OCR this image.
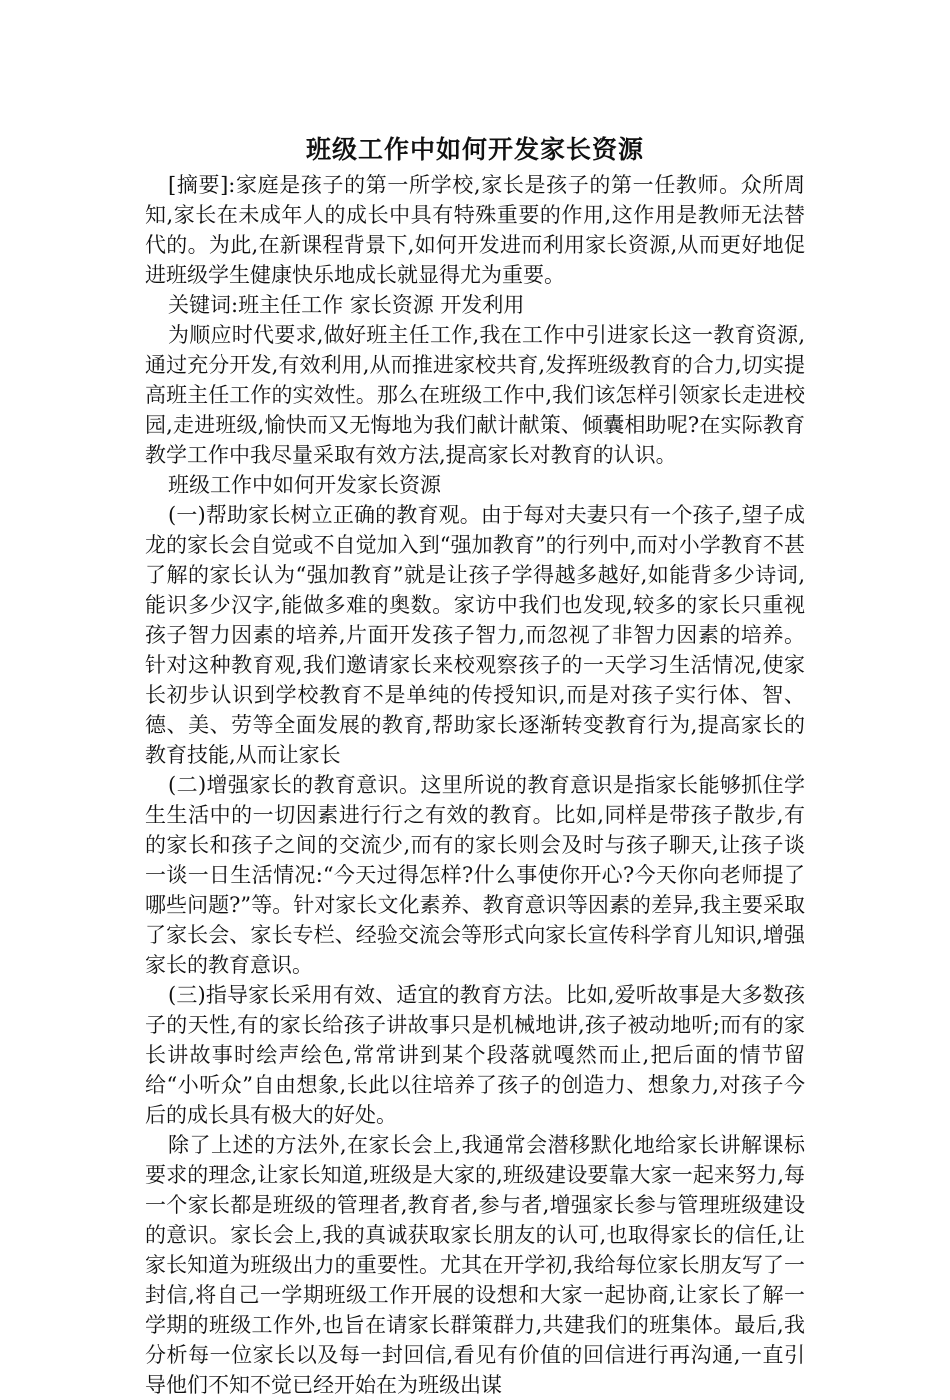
班级工作中如何开发家长资源

[摘要]:家庭是孩子的第一所学校,家长是孩子的第一任教师。众所周知,家长在未成年人的成长中具有特殊重要的作用,这作用是教师无法替代的。为此,在新课程背景下,如何开发进而利用家长资源,从而更好地促进班级学生健康快乐地成长就显得尤为重要。

关键词:班主任工作 家长资源 开发利用

为顺应时代要求,做好班主任工作,我在工作中引进家长这一教育资源,通过充分开发,有效利用,从而推进家校共育,发挥班级教育的合力,切实提高班主任工作的实效性。那么在班级工作中,我们该怎样引领家长走进校园,走进班级,愉快而又无悔地为我们献计献策、倾囊相助呢?在实际教育教学工作中我尽量采取有效方法,提高家长对教育的认识。

班级工作中如何开发家长资源

(一)帮助家长树立正确的教育观。由于每对夫妻只有一个孩子,望子成龙的家长会自觉或不自觉加入到“强加教育”的行列中,而对小学教育不甚了解的家长认为“强加教育”就是让孩子学得越多越好,如能背多少诗词,能识多少汉字,能做多难的奥数。家访中我们也发现,较多的家长只重视孩子智力因素的培养,片面开发孩子智力,而忽视了非智力因素的培养。针对这种教育观,我们邀请家长来校观察孩子的一天学习生活情况,使家长初步认识到学校教育不是单纯的传授知识,而是对孩子实行体、智、德、美、劳等全面发展的教育,帮助家长逐渐转变教育行为,提高家长的教育技能,从而让家长

(二)增强家长的教育意识。这里所说的教育意识是指家长能够抓住学生生活中的一切因素进行行之有效的教育。比如,同样是带孩子散步,有的家长和孩子之间的交流少,而有的家长则会及时与孩子聊天,让孩子谈一谈一日生活情况:“今天过得怎样?什么事使你开心?今天你向老师提了哪些问题?”等。针对家长文化素养、教育意识等因素的差异,我主要采取了家长会、家长专栏、经验交流会等形式向家长宣传科学育儿知识,增强家长的教育意识。

(三)指导家长采用有效、适宜的教育方法。比如,爱听故事是大多数孩子的天性,有的家长给孩子讲故事只是机械地讲,孩子被动地听;而有的家长讲故事时绘声绘色,常常讲到某个段落就嘎然而止,把后面的情节留给“小听众”自由想象,长此以往培养了孩子的创造力、想象力,对孩子今后的成长具有极大的好处。

除了上述的方法外,在家长会上,我通常会潜移默化地给家长讲解课标要求的理念,让家长知道,班级是大家的,班级建设要靠大家一起来努力,每一个家长都是班级的管理者,教育者,参与者,增强家长参与管理班级建设的意识。家长会上,我的真诚获取家长朋友的认可,也取得家长的信任,让家长知道为班级出力的重要性。尤其在开学初,我给每位家长朋友写了一封信,将自己一学期班级工作开展的设想和大家一起协商,让家长了解一学期的班级工作外,也旨在请家长群策群力,共建我们的班集体。最后,我分析每一位家长以及每一封回信,看见有价值的回信进行再沟通,一直引导他们不知不觉已经开始在为班级出谋
